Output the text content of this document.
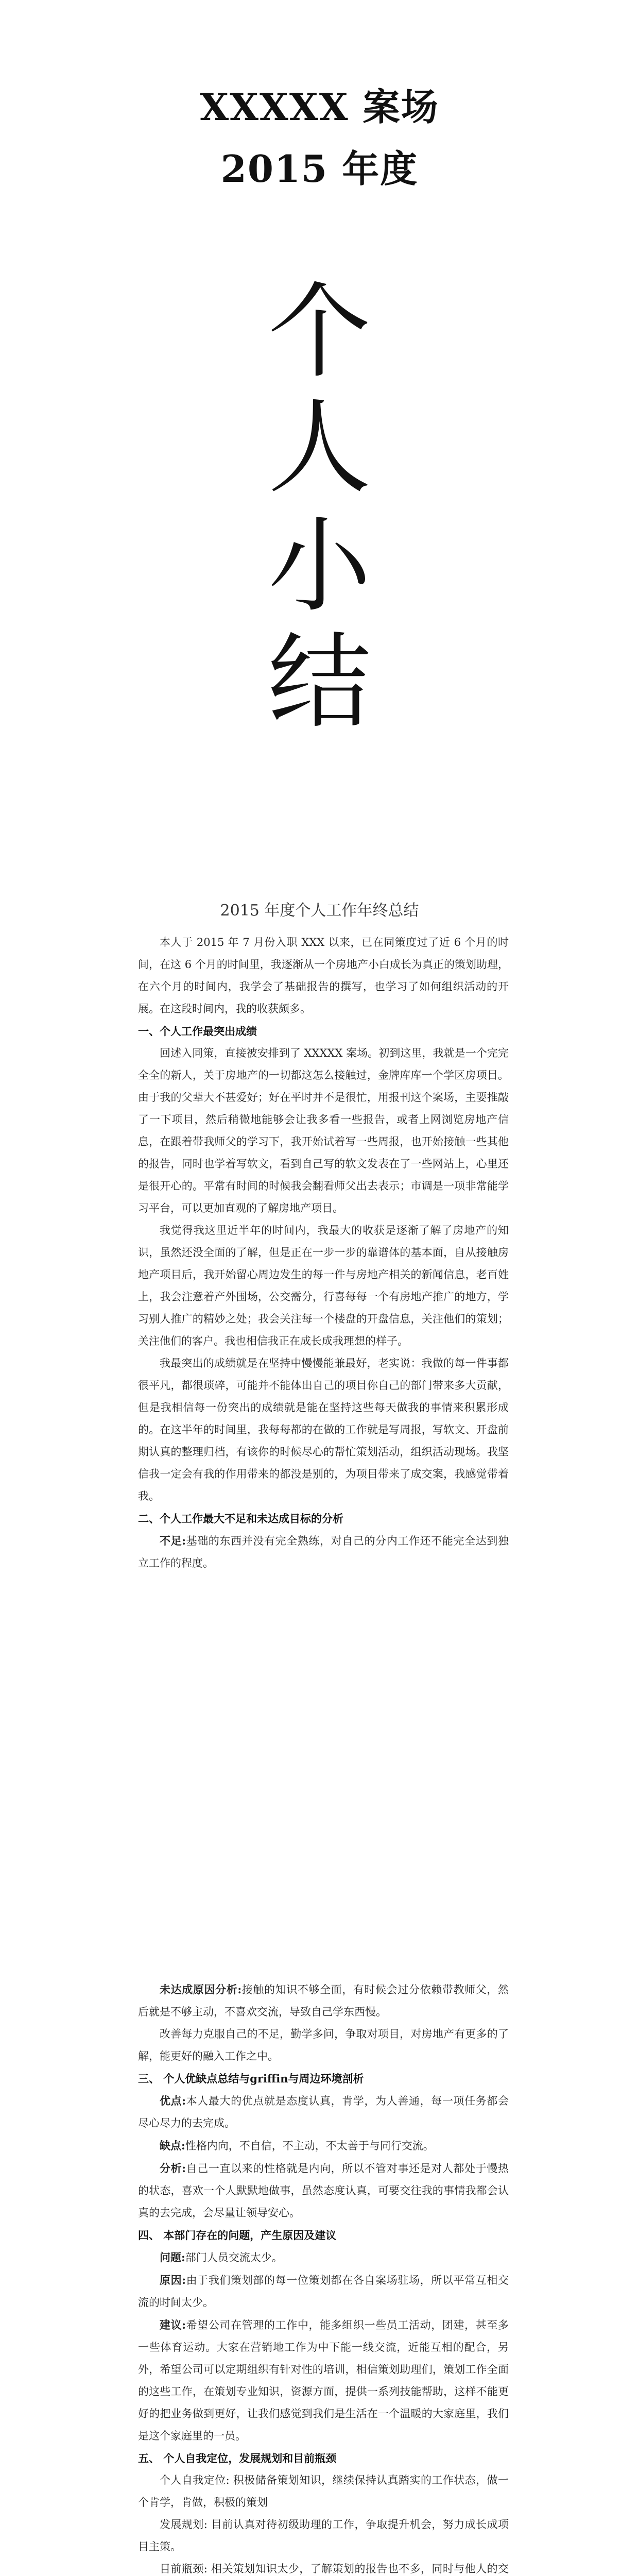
XXXXX 案场
2015 年度
个
人
小
结
2015 年度个人工作年终总结

本人于 2015 年 7 月份入职 XXX 以来，已在同策度过了近 6 个月的时间，在这 6 个月的时间里，我逐渐从一个房地产小白成长为真正的策划助理，在六个月的时间内，我学会了基础报告的撰写，也学习了如何组织活动的开展。在这段时间内，我的收获颇多。

一、个人工作最突出成绩

回述入同策，直接被安排到了 XXXXX 案场。初到这里，我就是一个完完全全的新人，关于房地产的一切都这怎么接触过，金牌库库一个学区房项目。由于我的父辈大不甚爱好；好在平时并不是很忙，用报刊这个案场，主要推敲了一下项目，然后稍微地能够会让我多看一些报告，或者上网浏览房地产信息，在跟着带我师父的学习下，我开始试着写一些周报，也开始接触一些其他的报告，同时也学着写软文，看到自己写的软文发表在了一些网站上，心里还是很开心的。平常有时间的时候我会翻看师父出去表示；市调是一项非常能学习平台，可以更加直观的了解房地产项目。

我觉得我这里近半年的时间内，我最大的收获是逐渐了解了房地产的知识，虽然还没全面的了解，但是正在一步一步的靠谱体的基本面，自从接触房地产项目后，我开始留心周边发生的每一件与房地产相关的新闻信息，老百姓上，我会注意着产外围场，公交需分，行喜每每一个有房地产推广的地方，学习别人推广的精妙之处；我会关注每一个楼盘的开盘信息，关注他们的策划；关注他们的客户。我也相信我正在成长成我理想的样子。

我最突出的成绩就是在坚持中慢慢能兼最好，老实说：我做的每一件事都很平凡，都很琐碎，可能并不能体出自己的项目你自己的部门带来多大贡献，但是我相信每一份突出的成绩就是能在坚持这些每天做我的事情来积累形成的。在这半年的时间里，我每每都的在做的工作就是写周报，写软文、开盘前期认真的整理归档，有该你的时候尽心的帮忙策划活动，组织活动现场。我坚信我一定会有我的作用带来的都没是别的，为项目带来了成交案，我感觉带着我。

二、个人工作最大不足和未达成目标的分析

不足:基础的东西并没有完全熟练，对自己的分内工作还不能完全达到独立工作的程度。

未达成原因分析:接触的知识不够全面，有时候会过分依赖带教师父，然后就是不够主动，不喜欢交流，导致自己学东西慢。

改善每力克服自己的不足，勤学多问，争取对项目，对房地产有更多的了解，能更好的融入工作之中。

三、 个人优缺点总结与griffin与周边环境剖析

优点:本人最大的优点就是态度认真，肯学，为人善通，每一项任务都会尽心尽力的去完成。

缺点:性格内向，不自信，不主动，不太善于与同行交流。

分析:自己一直以来的性格就是内向，所以不管对事还是对人都处于慢热的状态，喜欢一个人默默地做事，虽然态度认真，可要交往我的事情我都会认真的去完成，会尽量让领导安心。

四、 本部门存在的问题，产生原因及建议

问题:部门人员交流太少。

原因:由于我们策划部的每一位策划都在各自案场驻场，所以平常互相交流的时间太少。

建议:希望公司在管理的工作中，能多组织一些员工活动，团建，甚至多一些体育运动。大家在营销地工作为中下能一线交流，近能互相的配合，另外，希望公司可以定期组织有针对性的培训，相信策划助理们，策划工作全面的这些工作，在策划专业知识，资源方面，提供一系列技能帮助，这样不能更好的把业务做到更好，让我们感觉到我们是生活在一个温暖的大家庭里，我们是这个家庭里的一员。

五、 个人自我定位，发展规划和目前瓶颈

个人自我定位: 积极储备策划知识，继续保持认真踏实的工作状态，做一个肯学，肯做，积极的策划

发展规划: 目前认真对待初级助理的工作，争取提升机会，努力成长成项目主策。

目前瓶颈: 相关策划知识太少，了解策划的报告也不多，同时与他人的交
